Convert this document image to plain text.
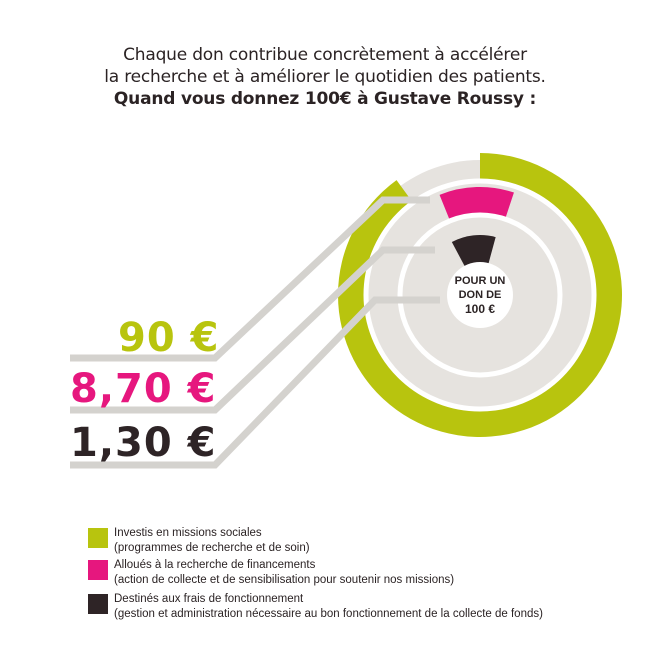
Chaque don contribue concrètement à accélérer
la recherche et à améliorer le quotidien des patients.
Quand vous donnez 100€ à Gustave Roussy :
POUR UN
DON DE
100 €
90 €
8,70 €
1,30 €
Investis en missions sociales
(programmes de recherche et de soin)
Alloués à la recherche de financements
(action de collecte et de sensibilisation pour soutenir nos missions)
Destinés aux frais de fonctionnement
(gestion et administration nécessaire au bon fonctionnement de la collecte de fonds)
